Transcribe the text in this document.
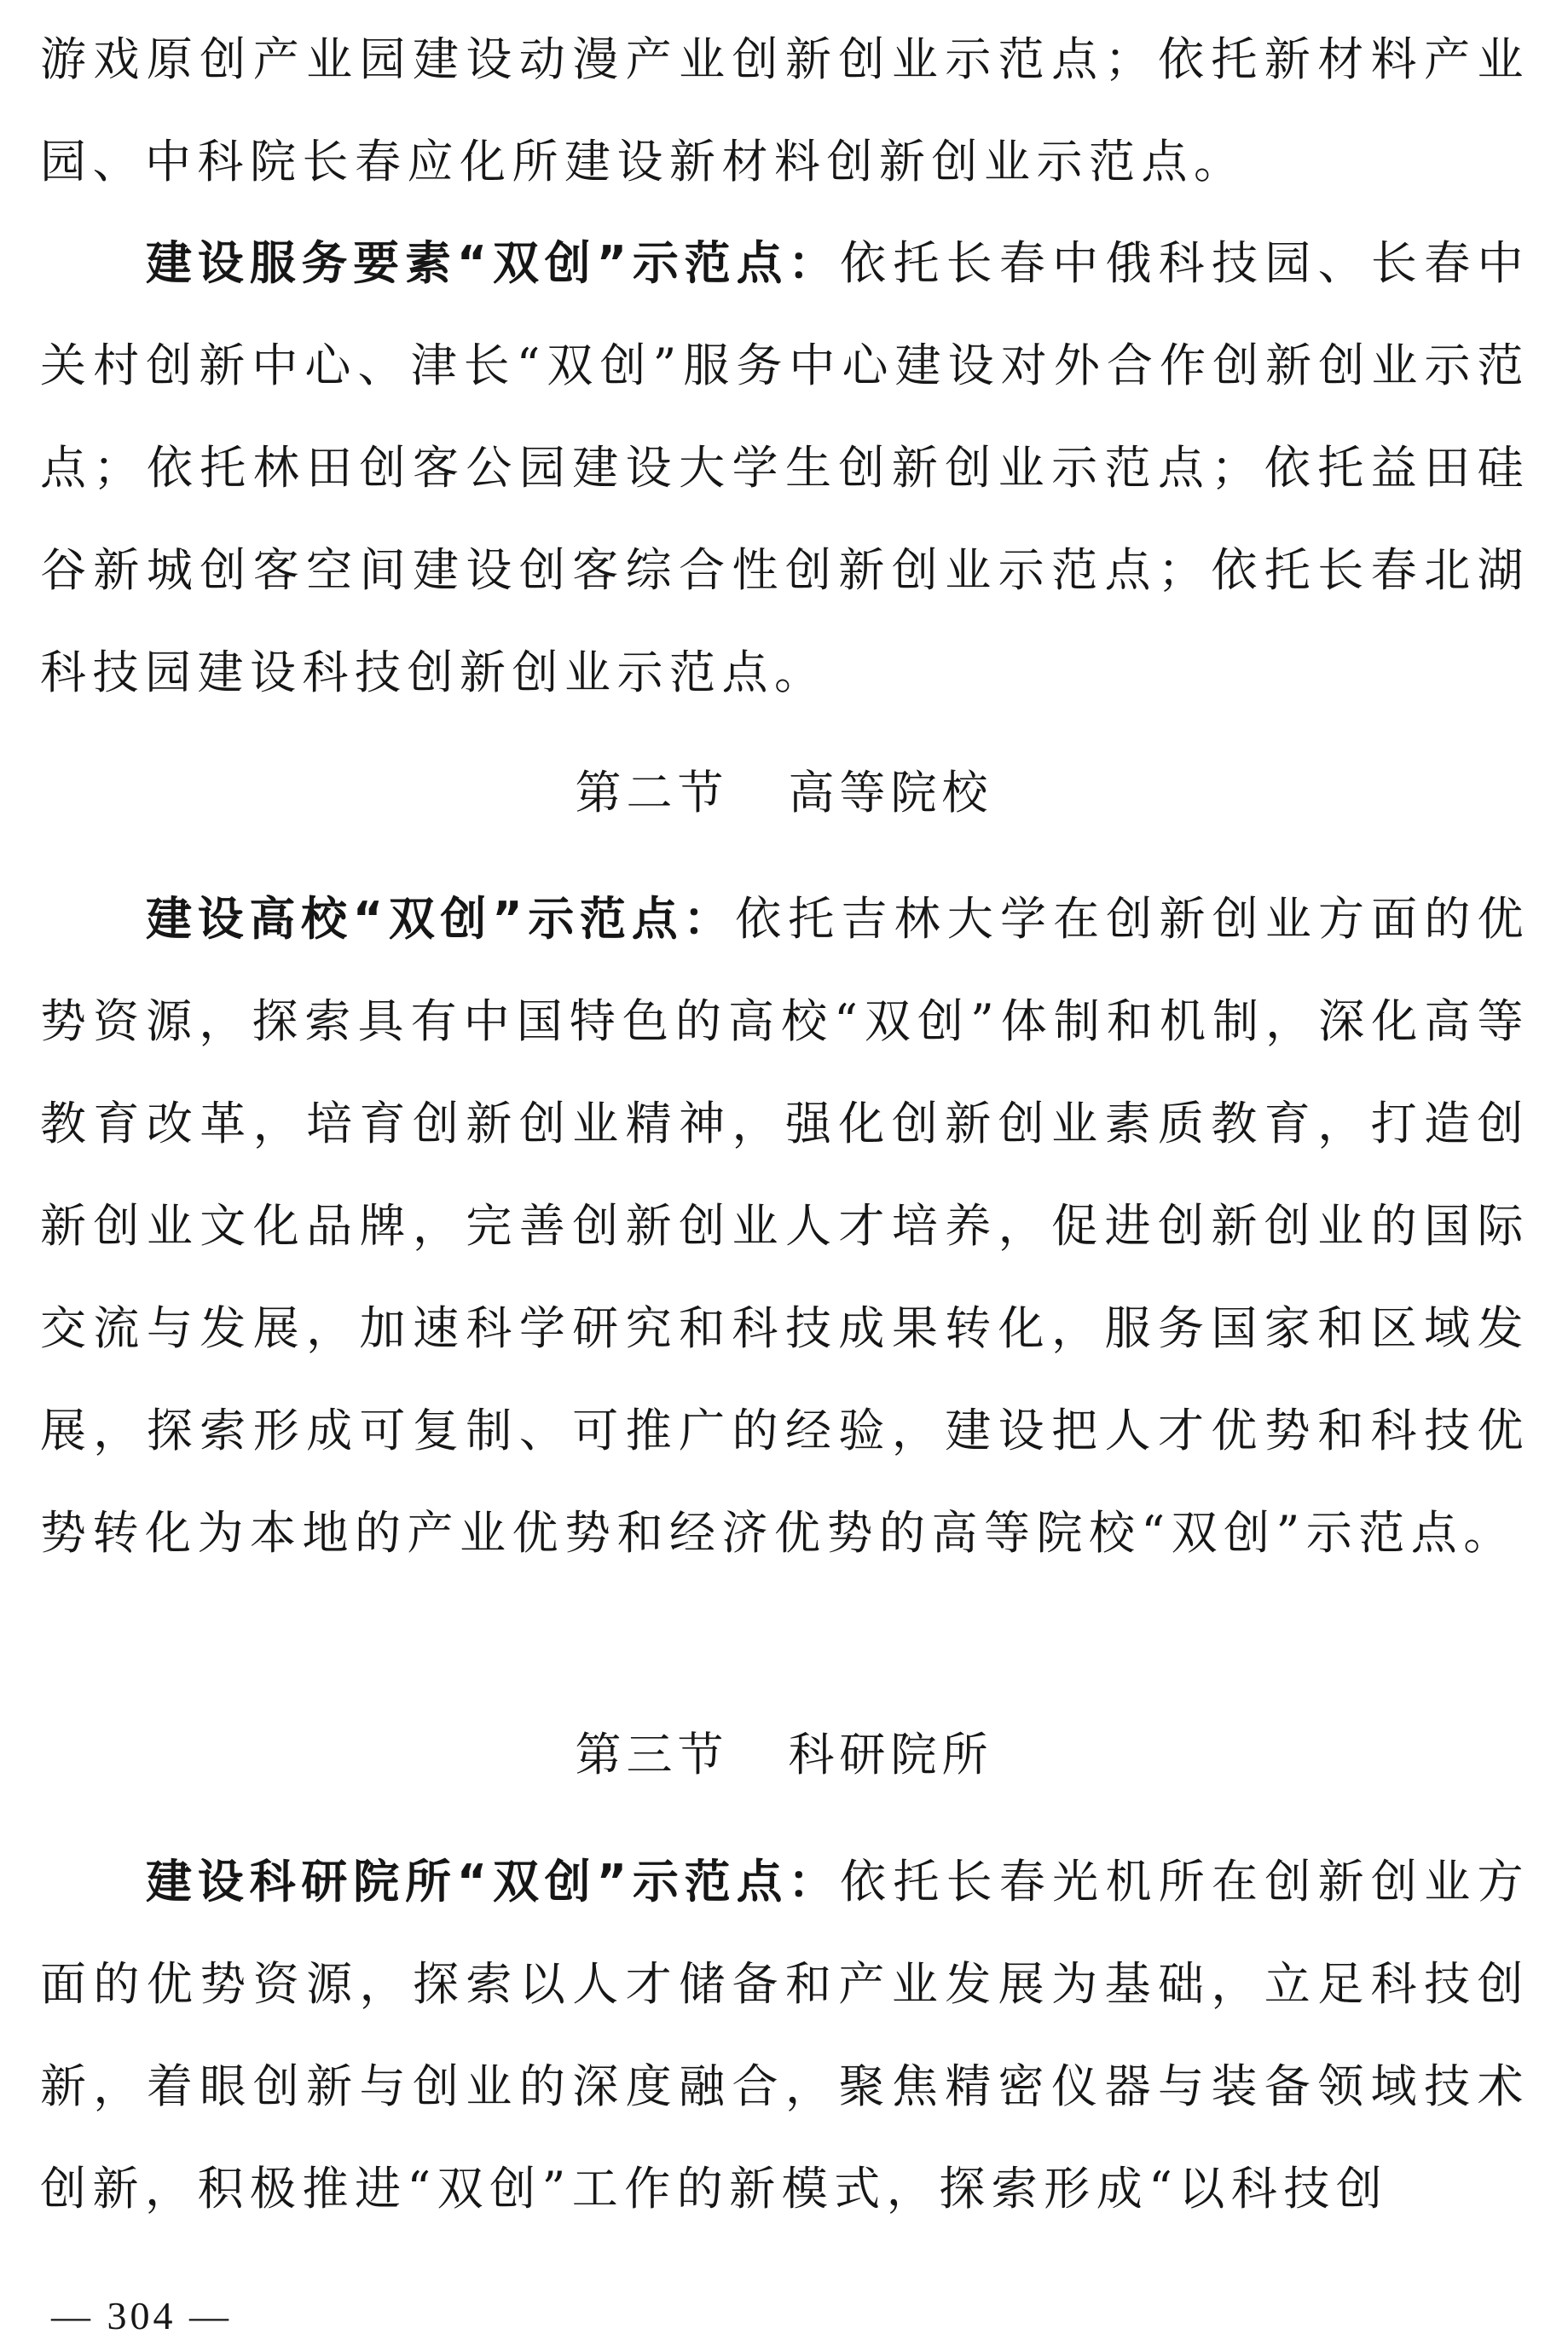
游戏原创产业园建设动漫产业创新创业示范点；依托新材料产业园、中科院长春应化所建设新材料创新创业示范点。

建设服务要素“双创”示范点：依托长春中俄科技园、长春中关村创新中心、津长“双创”服务中心建设对外合作创新创业示范点；依托林田创客公园建设大学生创新创业示范点；依托益田硅谷新城创客空间建设创客综合性创新创业示范点；依托长春北湖科技园建设科技创新创业示范点。

第二节 高等院校

建设高校“双创”示范点：依托吉林大学在创新创业方面的优势资源，探索具有中国特色的高校“双创”体制和机制，深化高等教育改革，培育创新创业精神，强化创新创业素质教育，打造创新创业文化品牌，完善创新创业人才培养，促进创新创业的国际交流与发展，加速科学研究和科技成果转化，服务国家和区域发展，探索形成可复制、可推广的经验，建设把人才优势和科技优势转化为本地的产业优势和经济优势的高等院校“双创”示范点。

第三节 科研院所

建设科研院所“双创”示范点：依托长春光机所在创新创业方面的优势资源，探索以人才储备和产业发展为基础，立足科技创新，着眼创新与创业的深度融合，聚焦精密仪器与装备领域技术创新，积极推进“双创”工作的新模式，探索形成“以科技创

— 304 —
